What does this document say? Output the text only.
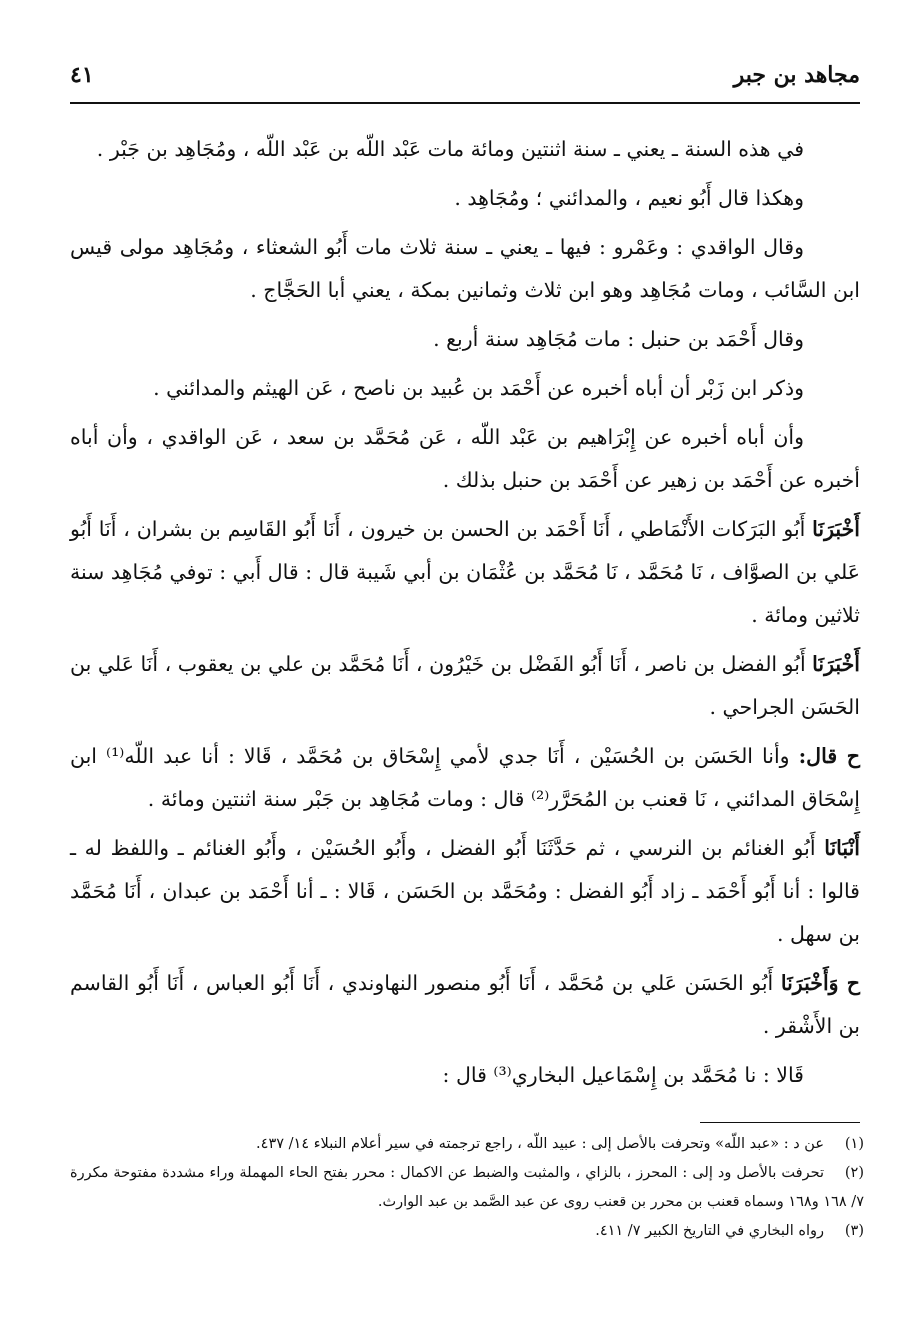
مجاهد بن جبر
٤١

في هذه السنة ـ يعني ـ سنة اثنتين ومائة مات عَبْد اللّه بن عَبْد اللّه ، ومُجَاهِد بن جَبْر .

وهكذا قال أَبُو نعيم ، والمدائني ؛ ومُجَاهِد .

وقال الواقدي : وعَمْرو : فيها ـ يعني ـ سنة ثلاث مات أَبُو الشعثاء ، ومُجَاهِد مولى قيس ابن السَّائب ، ومات مُجَاهِد وهو ابن ثلاث وثمانين بمكة ، يعني أبا الحَجَّاج .

وقال أَحْمَد بن حنبل : مات مُجَاهِد سنة أربع .

وذكر ابن زَبْر أن أباه أخبره عن أَحْمَد بن عُبيد بن ناصح ، عَن الهيثم والمدائني .

وأن أباه أخبره عن إِبْرَاهيم بن عَبْد اللّه ، عَن مُحَمَّد بن سعد ، عَن الواقدي ، وأن أباه أخبره عن أَحْمَد بن زهير عن أَحْمَد بن حنبل بذلك .

أَخْبَرَنَا أَبُو البَرَكات الأَنْمَاطي ، أَنَا أَحْمَد بن الحسن بن خيرون ، أَنَا أَبُو القَاسِم بن بشران ، أَنَا أَبُو عَلي بن الصوَّاف ، نَا مُحَمَّد ، نَا مُحَمَّد بن عُثْمَان بن أبي شَيبة قال : قال أَبي : توفي مُجَاهِد سنة ثلاثين ومائة .

أَخْبَرَنَا أَبُو الفضل بن ناصر ، أَنَا أَبُو الفَضْل بن خَيْرُون ، أَنَا مُحَمَّد بن علي بن يعقوب ، أَنَا عَلي بن الحَسَن الجراحي .

ح قال: وأنا الحَسَن بن الحُسَيْن ، أَنَا جدي لأمي إِسْحَاق بن مُحَمَّد ، قَالا : أنا عبد اللّه⁽¹⁾ ابن إِسْحَاق المدائني ، نَا قعنب بن المُحَرَّر⁽²⁾ قال : ومات مُجَاهِد بن جَبْر سنة اثنتين ومائة .

أَنْبَانَا أَبُو الغنائم بن النرسي ، ثم حَدَّثَنَا أَبُو الفضل ، وأَبُو الحُسَيْن ، وأَبُو الغنائم ـ واللفظ له ـ قالوا : أنا أَبُو أَحْمَد ـ زاد أَبُو الفضل : ومُحَمَّد بن الحَسَن ، قَالا : ـ أنا أَحْمَد بن عبدان ، أَنَا مُحَمَّد بن سهل .

ح وَأَخْبَرَنَا أَبُو الحَسَن عَلي بن مُحَمَّد ، أَنَا أَبُو منصور النهاوندي ، أَنَا أَبُو العباس ، أَنَا أَبُو القاسم بن الأَشْقر .

قَالا : نا مُحَمَّد بن إِسْمَاعيل البخاري⁽³⁾ قال :

(١)عن د : «عبد اللّه» وتحرفت بالأصل إلى : عبيد اللّه ، راجع ترجمته في سير أعلام النبلاء ١٤/ ٤٣٧.

(٢)تحرفت بالأصل ود إلى : المحرز ، بالزاي ، والمثبت والضبط عن الاكمال : محرر بفتح الحاء المهملة وراء مشددة مفتوحة مكررة ٧/ ١٦٨ و١٦٨ وسماه قعنب بن محرر بن قعنب روى عن عبد الصَّمد بن عبد الوارث.

(٣)رواه البخاري في التاريخ الكبير ٧/ ٤١١.
